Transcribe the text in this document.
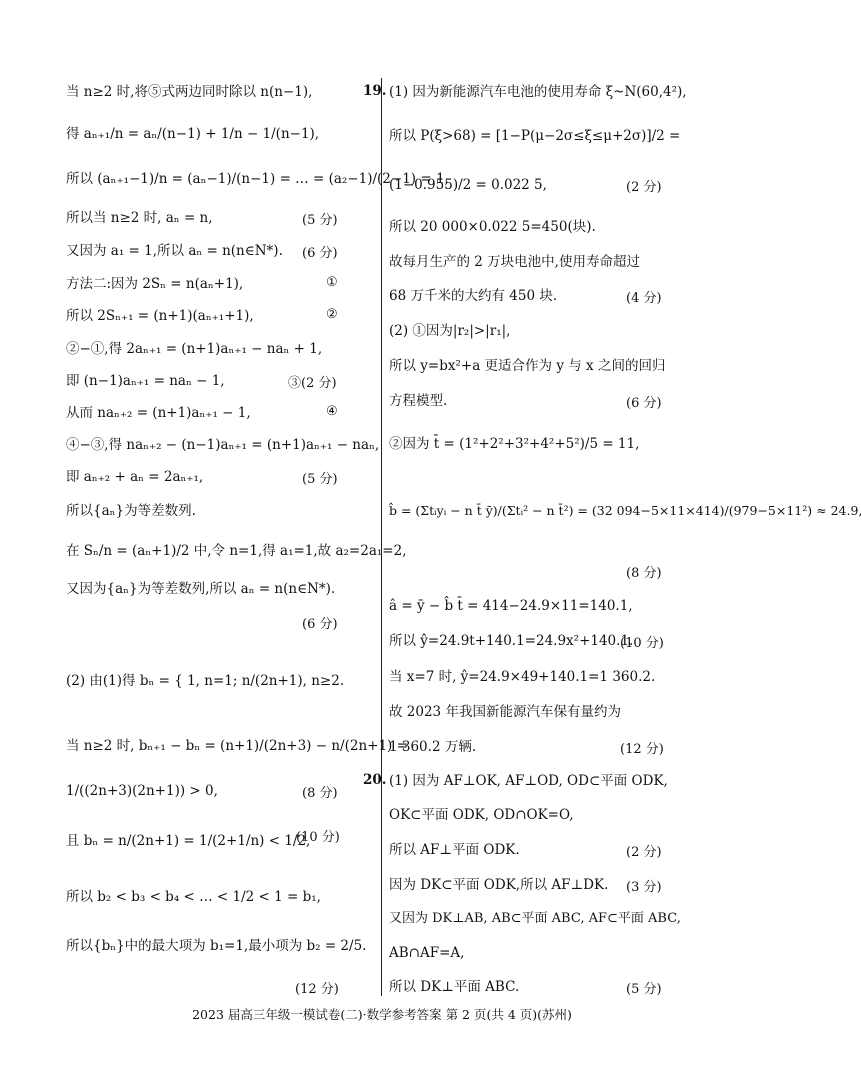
当 n≥2 时,将⑤式两边同时除以 n(n−1),
得 aₙ₊₁/n = aₙ/(n−1) + 1/n − 1/(n−1),
所以 (aₙ₊₁−1)/n = (aₙ−1)/(n−1) = … = (a₂−1)/(2−1) = 1,
所以当 n≥2 时, aₙ = n,	(5 分)
又因为 a₁ = 1,所以 aₙ = n(n∈N*). (6 分)
方法二:因为 2Sₙ = n(aₙ+1),	①
所以 2Sₙ₊₁ = (n+1)(aₙ₊₁+1),	②
②−①,得 2aₙ₊₁ = (n+1)aₙ₊₁ − naₙ + 1,
即 (n−1)aₙ₊₁ = naₙ − 1,	③(2 分)
从而 naₙ₊₂ = (n+1)aₙ₊₁ − 1,	④
④−③,得 naₙ₊₂ − (n−1)aₙ₊₁ = (n+1)aₙ₊₁ − naₙ,
即 aₙ₊₂ + aₙ = 2aₙ₊₁,	(5 分)
所以{aₙ}为等差数列.
在 Sₙ/n = (aₙ+1)/2 中,令 n=1,得 a₁=1,故 a₂=2a₁=2,
又因为{aₙ}为等差数列,所以 aₙ = n(n∈N*).
(6 分)
(2) 由(1)得 bₙ = { 1, n=1; n/(2n+1), n≥2.
当 n≥2 时, bₙ₊₁ − bₙ = (n+1)/(2n+3) − n/(2n+1) =
1/((2n+3)(2n+1)) > 0,	(8 分)
且 bₙ = n/(2n+1) = 1/(2+1/n) < 1/2,
(10 分)
所以 b₂ < b₃ < b₄ < … < 1/2 < 1 = b₁,
所以{bₙ}中的最大项为 b₁=1,最小项为 b₂ = 2/5.
(12 分)
19. (1) 因为新能源汽车电池的使用寿命 ξ~N(60,4²),
所以 P(ξ>68) = [1−P(μ−2σ≤ξ≤μ+2σ)]/2 =
(1−0.955)/2 = 0.022 5,	(2 分)
所以 20 000×0.022 5=450(块).
故每月生产的 2 万块电池中,使用寿命超过
68 万千米的大约有 450 块.	(4 分)
(2) ①因为|r₂|>|r₁|,
所以 y=bx²+a 更适合作为 y 与 x 之间的回归
方程模型.	(6 分)
②因为 t̄ = (1²+2²+3²+4²+5²)/5 = 11,
b̂ = (Σtᵢyᵢ − n t̄ ȳ)/(Σtᵢ² − n t̄²) = (32 094−5×11×414)/(979−5×11²) ≈ 24.9,
(8 分)
â = ȳ − b̂ t̄ = 414−24.9×11=140.1,
所以 ŷ=24.9t+140.1=24.9x²+140.1.
(10 分)
当 x=7 时, ŷ=24.9×49+140.1=1 360.2.
故 2023 年我国新能源汽车保有量约为
1 360.2 万辆.	(12 分)
20. (1) 因为 AF⊥OK, AF⊥OD, OD⊂平面 ODK,
OK⊂平面 ODK, OD∩OK=O,
所以 AF⊥平面 ODK.	(2 分)
因为 DK⊂平面 ODK,所以 AF⊥DK. (3 分)
又因为 DK⊥AB, AB⊂平面 ABC, AF⊂平面 ABC,
AB∩AF=A,
所以 DK⊥平面 ABC.	(5 分)
2023 届高三年级一模试卷(二)·数学参考答案 第 2 页(共 4 页)(苏州)
